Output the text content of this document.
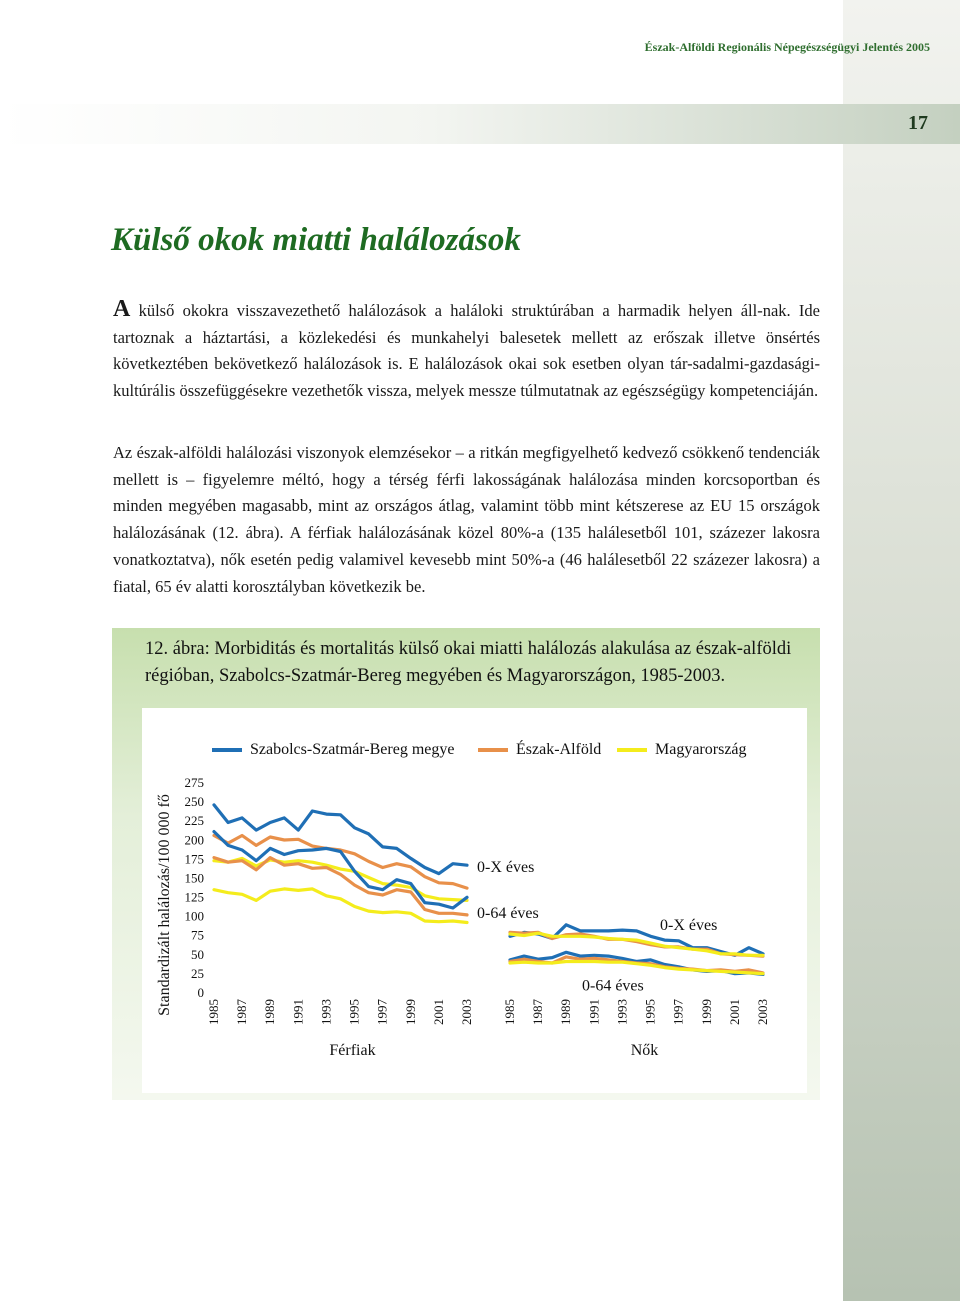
Észak-Alföldi Regionális Népegészségügyi Jelentés 2005
17
Külső okok miatti halálozások

A külső okokra visszavezethető halálozások a haláloki struktúrában a harmadik helyen áll-nak. Ide tartoznak a háztartási, a közlekedési és munkahelyi balesetek mellett az erőszak illetve önsértés következtében bekövetkező halálozások is. E halálozások okai sok esetben olyan tár-sadalmi-gazdasági-kultúrális összefüggésekre vezethetők vissza, melyek messze túlmutatnak az egészségügy kompetenciáján.

Az észak-alföldi halálozási viszonyok elemzésekor – a ritkán megfigyelhető kedvező csökkenő tendenciák mellett is – figyelemre méltó, hogy a térség férfi lakosságának halálozása minden korcsoportban és minden megyében magasabb, mint az országos átlag, valamint több mint kétszerese az EU 15 országok halálozásának (12. ábra). A férfiak halálozásának közel 80%-a (135 halálesetből 101, százezer lakosra vonatkoztatva), nők esetén pedig valamivel kevesebb mint 50%-a (46 halálesetből 22 százezer lakosra) a fiatal, 65 év alatti korosztályban következik be.

12. ábra: Morbiditás és mortalitás külső okai miatti halálozás alakulása az észak-alföldi régióban, Szabolcs-Szatmár-Bereg megyében és Magyarországon, 1985-2003.
Standardizált halálozás/100 000 fő
275
250
225
200
175
150
125
100
75
50
25
0
1985 1987 1989 1991 1993 1995 1997 1999 2001 2003 1985 1987 1989 1991 1993 1995 1997 1999 2001 2003
Férfiak	Nők
0-X éves
0-64 éves
0-X éves
0-64 éves
Szabolcs-Szatmár-Bereg megye	Észak-Alföld	Magyarország
